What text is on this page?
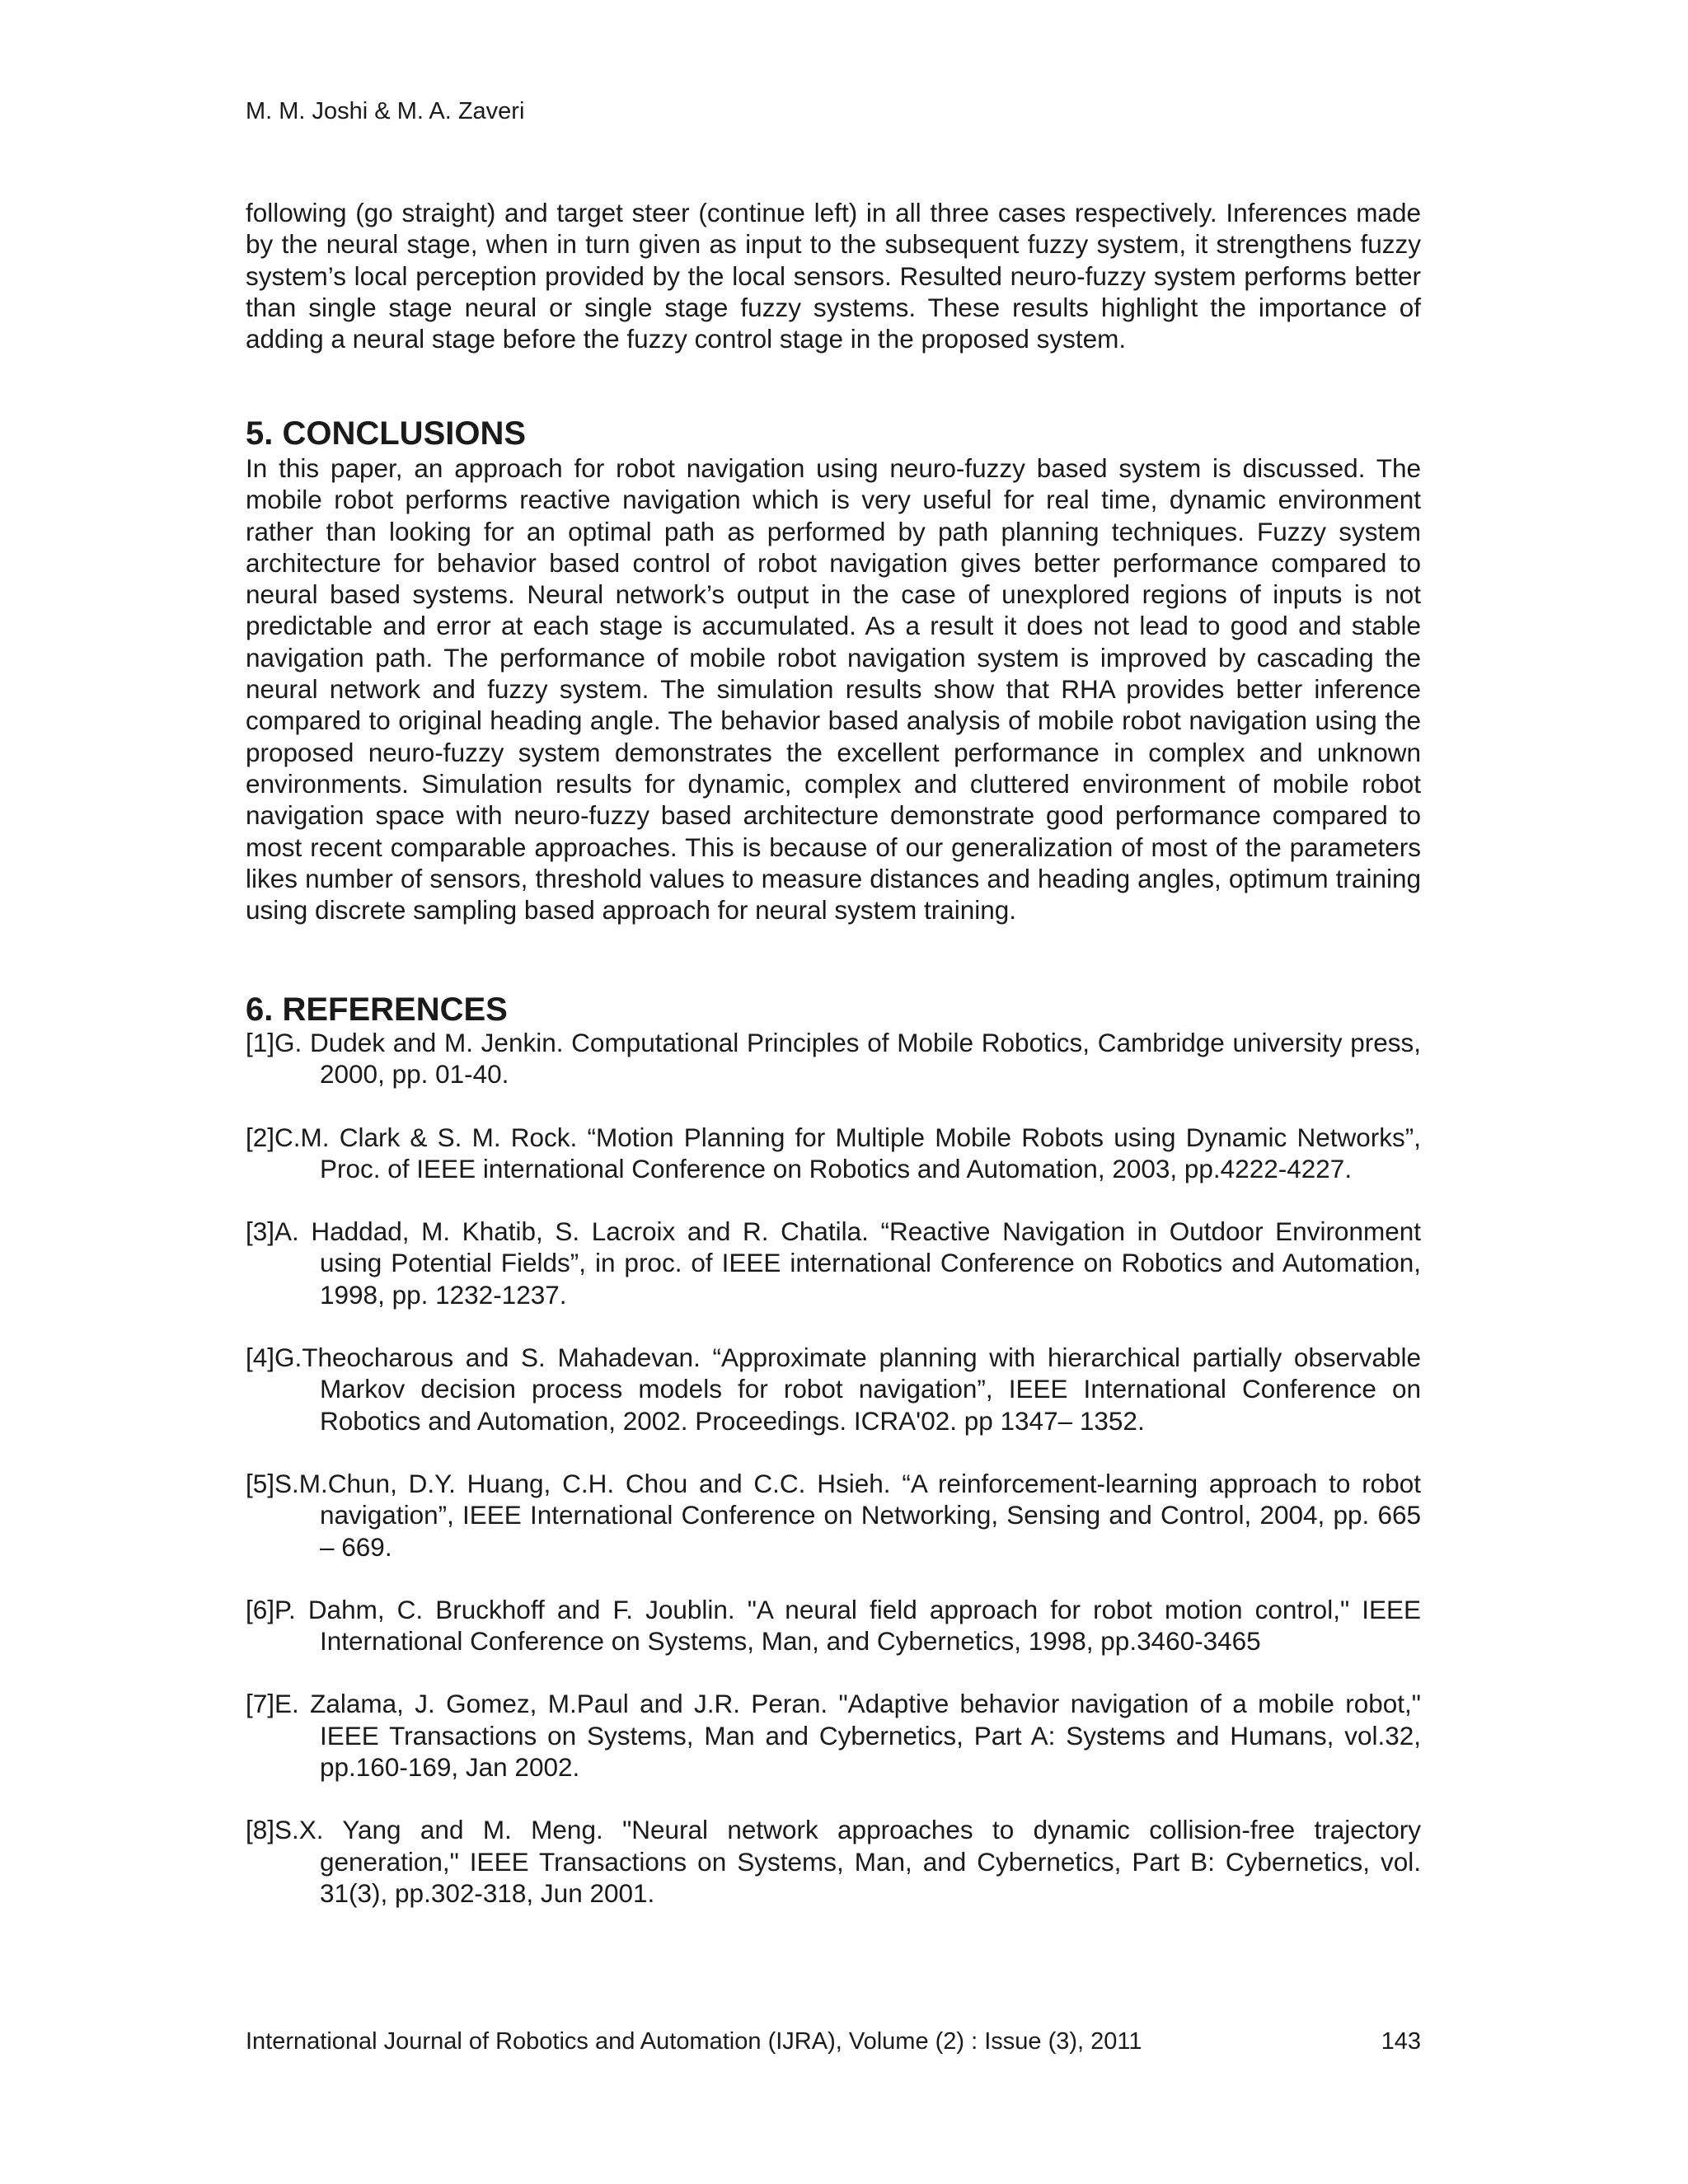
M. M. Joshi & M. A. Zaveri

following (go straight) and target steer (continue left) in all three cases respectively. Inferences made by the neural stage, when in turn given as input to the subsequent fuzzy system, it strengthens fuzzy system’s local perception provided by the local sensors. Resulted neuro-fuzzy system performs better than single stage neural or single stage fuzzy systems. These results highlight the importance of adding a neural stage before the fuzzy control stage in the proposed system.

5. CONCLUSIONS

In this paper, an approach for robot navigation using neuro-fuzzy based system is discussed. The mobile robot performs reactive navigation which is very useful for real time, dynamic environment rather than looking for an optimal path as performed by path planning techniques. Fuzzy system architecture for behavior based control of robot navigation gives better performance compared to neural based systems. Neural network’s output in the case of unexplored regions of inputs is not predictable and error at each stage is accumulated. As a result it does not lead to good and stable navigation path. The performance of mobile robot navigation system is improved by cascading the neural network and fuzzy system. The simulation results show that RHA provides better inference compared to original heading angle. The behavior based analysis of mobile robot navigation using the proposed neuro-fuzzy system demonstrates the excellent performance in complex and unknown environments. Simulation results for dynamic, complex and cluttered environment of mobile robot navigation space with neuro-fuzzy based architecture demonstrate good performance compared to most recent comparable approaches. This is because of our generalization of most of the parameters likes number of sensors, threshold values to measure distances and heading angles, optimum training using discrete sampling based approach for neural system training.

6. REFERENCES
[1]G. Dudek and M. Jenkin. Computational Principles of Mobile Robotics, Cambridge university press, 2000, pp. 01-40.
[2]C.M. Clark & S. M. Rock. “Motion Planning for Multiple Mobile Robots using Dynamic Networks”, Proc. of IEEE international Conference on Robotics and Automation, 2003, pp.4222-4227.
[3]A. Haddad, M. Khatib, S. Lacroix and R. Chatila. “Reactive Navigation in Outdoor Environment using Potential Fields”, in proc. of IEEE international Conference on Robotics and Automation, 1998, pp. 1232-1237.
[4]G.Theocharous and S. Mahadevan. “Approximate planning with hierarchical partially observable Markov decision process models for robot navigation”, IEEE International Conference on Robotics and Automation, 2002. Proceedings. ICRA'02. pp 1347– 1352.
[5]S.M.Chun, D.Y. Huang, C.H. Chou and C.C. Hsieh. “A reinforcement-learning approach to robot navigation”, IEEE International Conference on Networking, Sensing and Control, 2004, pp. 665 – 669.
[6]P. Dahm, C. Bruckhoff and F. Joublin. "A neural field approach for robot motion control," IEEE International Conference on Systems, Man, and Cybernetics, 1998, pp.3460-3465
[7]E. Zalama, J. Gomez, M.Paul and J.R. Peran. "Adaptive behavior navigation of a mobile robot," IEEE Transactions on Systems, Man and Cybernetics, Part A: Systems and Humans, vol.32, pp.160-169, Jan 2002.
[8]S.X. Yang and M. Meng. "Neural network approaches to dynamic collision-free trajectory generation," IEEE Transactions on Systems, Man, and Cybernetics, Part B: Cybernetics, vol. 31(3), pp.302-318, Jun 2001.
International Journal of Robotics and Automation (IJRA), Volume (2) : Issue (3), 2011	143
